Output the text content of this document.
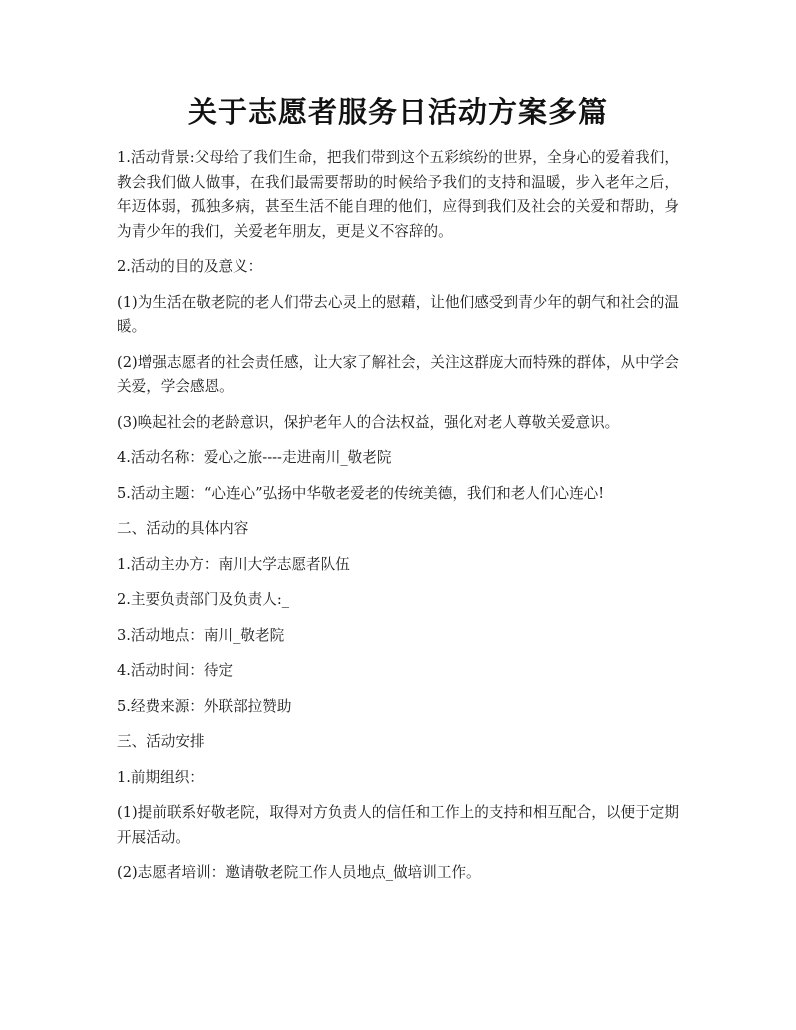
关于志愿者服务日活动方案多篇

1.活动背景:父母给了我们生命，把我们带到这个五彩缤纷的世界，全身心的爱着我们，教会我们做人做事，在我们最需要帮助的时候给予我们的支持和温暖，步入老年之后，年迈体弱，孤独多病，甚至生活不能自理的他们，应得到我们及社会的关爱和帮助，身为青少年的我们，关爱老年朋友，更是义不容辞的。

2.活动的目的及意义：

(1)为生活在敬老院的老人们带去心灵上的慰藉，让他们感受到青少年的朝气和社会的温暖。

(2)增强志愿者的社会责任感，让大家了解社会，关注这群庞大而特殊的群体，从中学会关爱，学会感恩。

(3)唤起社会的老龄意识，保护老年人的合法权益，强化对老人尊敬关爱意识。

4.活动名称：爱心之旅----走进南川_敬老院

5.活动主题：“心连心”弘扬中华敬老爱老的传统美德，我们和老人们心连心!

二、活动的具体内容

1.活动主办方：南川大学志愿者队伍

2.主要负责部门及负责人:_

3.活动地点：南川_敬老院

4.活动时间：待定

5.经费来源：外联部拉赞助

三、活动安排

1.前期组织：

(1)提前联系好敬老院，取得对方负责人的信任和工作上的支持和相互配合，以便于定期开展活动。

(2)志愿者培训：邀请敬老院工作人员地点_做培训工作。
